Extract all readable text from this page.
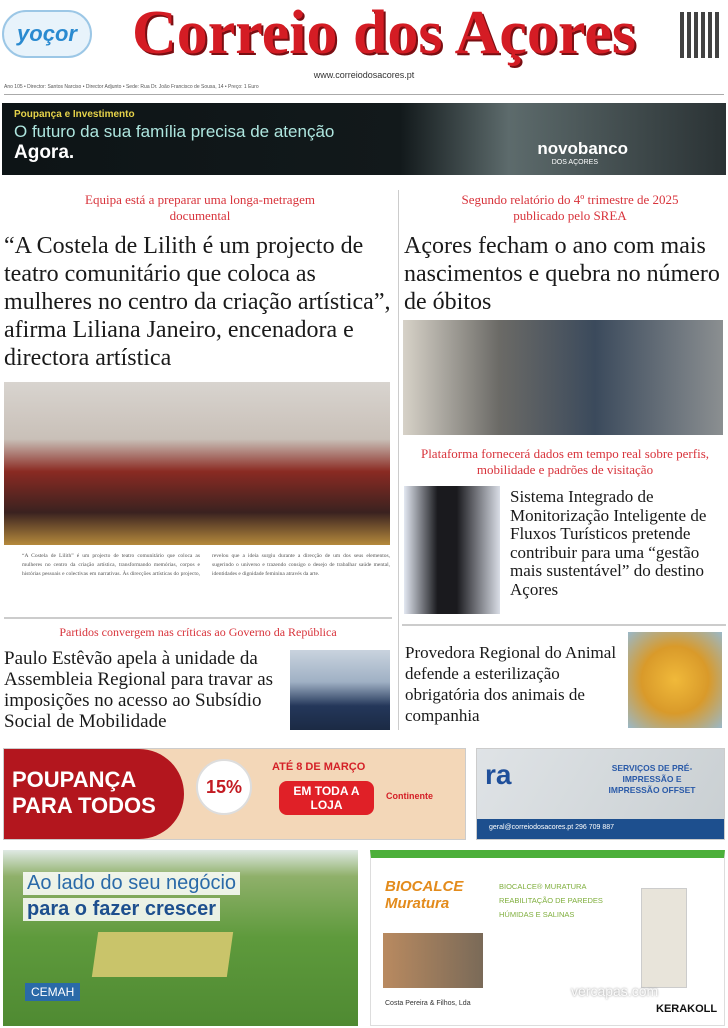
yoçor Correio dos Açores
www.correiodosacores.pt
Ano 105 • Director: Santos Narciso • Director Adjunto • Sede: Rua Dr. João Francisco de Sousa, 14 • Preço: 1 Euro
Poupança e Investimento
O futuro da sua família precisa de atenção
Agora.	novobanco
DOS AÇORES
Equipa está a preparar uma longa-metragem documental
“A Costela de Lilith é um projecto de teatro comunitário que coloca as mulheres no centro da criação artística”, afirma Liliana Janeiro, encenadora e directora artística
“A Costela de Lilith” é um projecto de teatro comunitário que coloca as mulheres no centro da criação artística, transformando memórias, corpos e histórias pessoais e colectivas em narrativas. Às direcções artísticas do projecto, revelou que a ideia surgiu durante a direcção de um dos seus elementos, sugerindo o universo e trazendo consigo o desejo de trabalhar saúde mental, identidades e dignidade feminina através da arte.
Partidos convergem nas críticas ao Governo da República
Paulo Estêvão apela à unidade da Assembleia Regional para travar as imposições no acesso ao Subsídio Social de Mobilidade
Segundo relatório do 4º trimestre de 2025 publicado pelo SREA
Açores fecham o ano com mais nascimentos e quebra no número de óbitos
Plataforma fornecerá dados em tempo real sobre perfis, mobilidade e padrões de visitação
Sistema Integrado de Monitorização Inteligente de Fluxos Turísticos pretende contribuir para uma “gestão mais sustentável” do destino Açores
Provedora Regional do Animal defende a esterilização obrigatória dos animais de companhia
POUPANÇA PARA TODOS
15%
ATÉ 8 DE MARÇO
EM TODA A LOJA
Continente
ra	SERVIÇOS DE PRÉ-IMPRESSÃO E IMPRESSÃO OFFSET
geral@correiodosacores.pt 296 709 887
Ao lado do seu negócio
para o fazer crescer
CEMAH
BIOCALCE Muratura
BIOCALCE® MURATURA REABILITAÇÃO DE PAREDES HÚMIDAS E SALINAS
Costa Pereira & Filhos, Lda	KERAKOLL
vercapas.com
